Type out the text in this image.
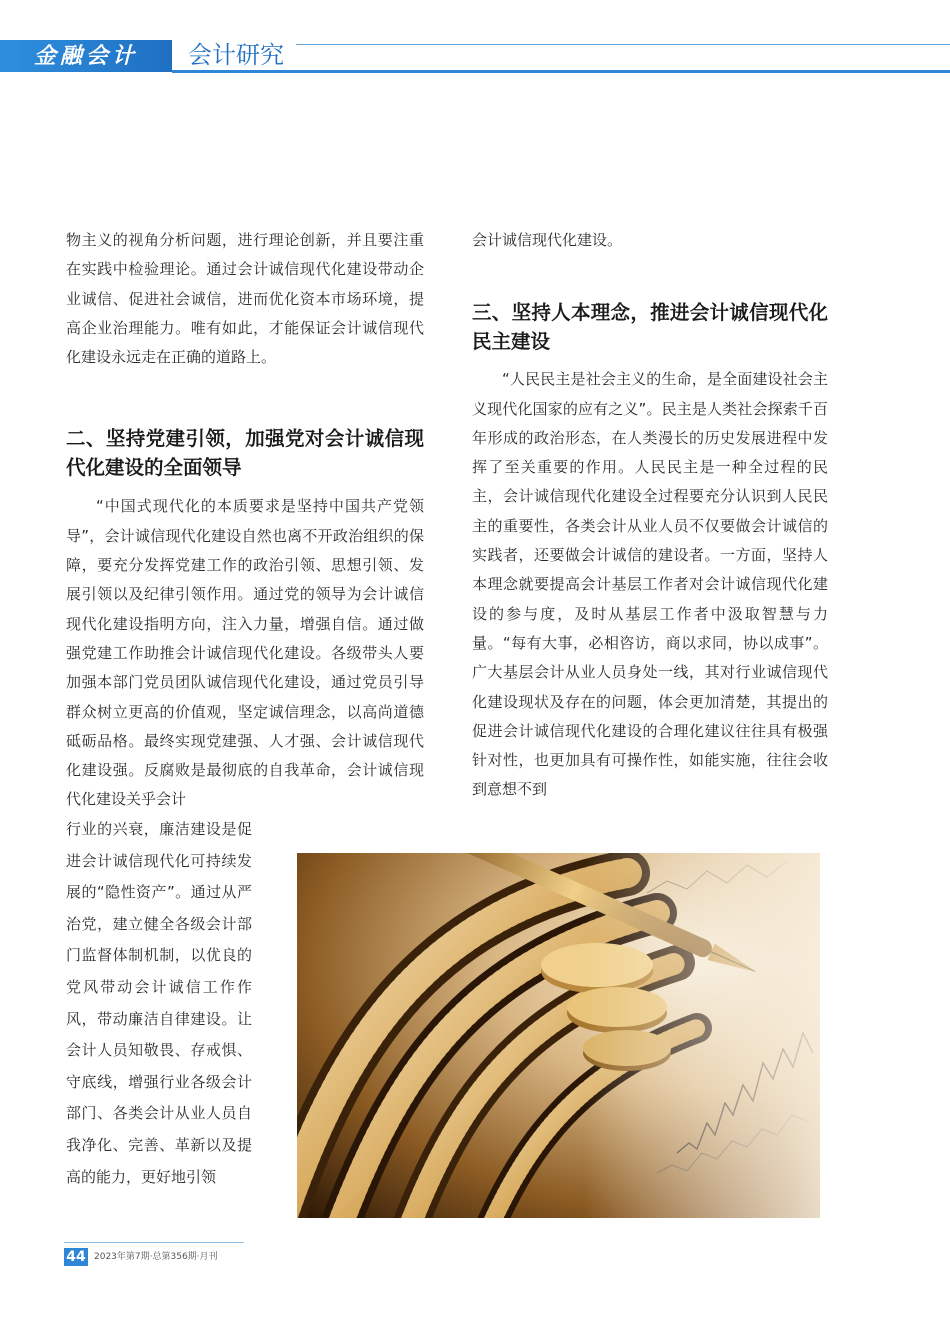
金融会计	会计研究

物主义的视角分析问题，进行理论创新，并且要注重在实践中检验理论。通过会计诚信现代化建设带动企业诚信、促进社会诚信，进而优化资本市场环境，提高企业治理能力。唯有如此，才能保证会计诚信现代化建设永远走在正确的道路上。

二、坚持党建引领，加强党对会计诚信现代化建设的全面领导

“中国式现代化的本质要求是坚持中国共产党领导”，会计诚信现代化建设自然也离不开政治组织的保障，要充分发挥党建工作的政治引领、思想引领、发展引领以及纪律引领作用。通过党的领导为会计诚信现代化建设指明方向，注入力量，增强自信。通过做强党建工作助推会计诚信现代化建设。各级带头人要加强本部门党员团队诚信现代化建设，通过党员引导群众树立更高的价值观，坚定诚信理念，以高尚道德砥砺品格。最终实现党建强、人才强、会计诚信现代化建设强。反腐败是最彻底的自我革命，会计诚信现代化建设关乎会计

行业的兴衰，廉洁建设是促进会计诚信现代化可持续发展的“隐性资产”。通过从严治党，建立健全各级会计部门监督体制机制，以优良的党风带动会计诚信工作作风，带动廉洁自律建设。让会计人员知敬畏、存戒惧、守底线，增强行业各级会计部门、各类会计从业人员自我净化、完善、革新以及提高的能力，更好地引领

会计诚信现代化建设。

三、坚持人本理念，推进会计诚信现代化民主建设

“人民民主是社会主义的生命，是全面建设社会主义现代化国家的应有之义”。民主是人类社会探索千百年形成的政治形态，在人类漫长的历史发展进程中发挥了至关重要的作用。人民民主是一种全过程的民主，会计诚信现代化建设全过程要充分认识到人民民主的重要性，各类会计从业人员不仅要做会计诚信的实践者，还要做会计诚信的建设者。一方面，坚持人本理念就要提高会计基层工作者对会计诚信现代化建设的参与度，及时从基层工作者中汲取智慧与力量。“每有大事，必相咨访，商以求同，协以成事”。广大基层会计从业人员身处一线，其对行业诚信现代化建设现状及存在的问题，体会更加清楚，其提出的促进会计诚信现代化建设的合理化建议往往具有极强针对性，也更加具有可操作性，如能实施，往往会收到意想不到

44 2023年第7期·总第356期·月刊
